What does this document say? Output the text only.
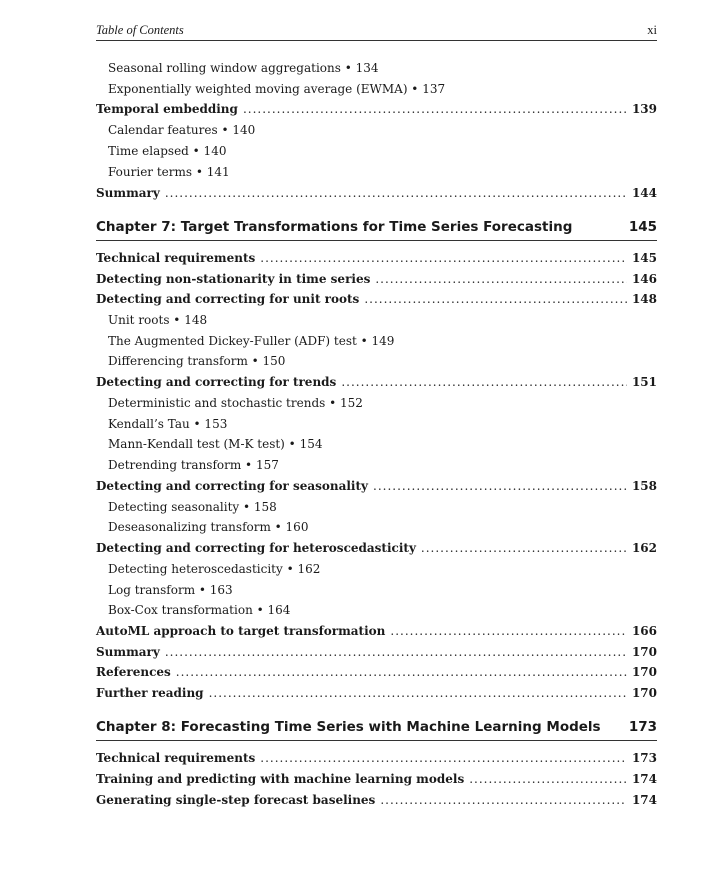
Table of Contents	xi
Seasonal rolling window aggregations • 134
Exponentially weighted moving average (EWMA) • 137
Temporal embedding .....	139
Calendar features • 140
Time elapsed • 140
Fourier terms • 141
Summary .....	144
Chapter 7: Target Transformations for Time Series Forecasting	145
Technical requirements .....	145
Detecting non-stationarity in time series .....	146
Detecting and correcting for unit roots .....	148
Unit roots • 148
The Augmented Dickey-Fuller (ADF) test • 149
Differencing transform • 150
Detecting and correcting for trends .....	151
Deterministic and stochastic trends • 152
Kendall’s Tau • 153
Mann-Kendall test (M-K test) • 154
Detrending transform • 157
Detecting and correcting for seasonality .....	158
Detecting seasonality • 158
Deseasonalizing transform • 160
Detecting and correcting for heteroscedasticity .....	162
Detecting heteroscedasticity • 162
Log transform • 163
Box-Cox transformation • 164
AutoML approach to target transformation .....	166
Summary .....	170
References .....	170
Further reading .....	170
Chapter 8: Forecasting Time Series with Machine Learning Models 173
Technical requirements .....	173
Training and predicting with machine learning models .....	174
Generating single-step forecast baselines .....	174
